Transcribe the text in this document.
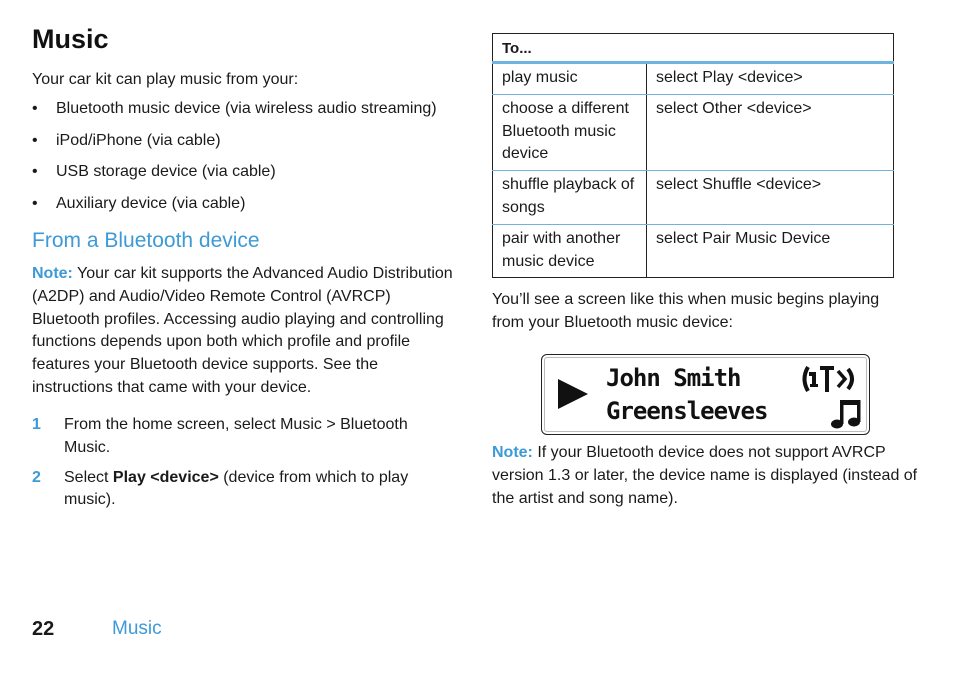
Music
Your car kit can play music from your:
• Bluetooth music device (via wireless audio streaming)
• iPod/iPhone (via cable)
• USB storage device (via cable)
• Auxiliary device (via cable)
From a Bluetooth device
Note: Your car kit supports the Advanced Audio Distribution (A2DP) and Audio/Video Remote Control (AVRCP) Bluetooth profiles. Accessing audio playing and controlling functions depends upon both which profile and profile features your Bluetooth device supports. See the instructions that came with your device.
1	From the home screen, select Music > Bluetooth Music.
2	Select Play <device> (device from which to play music).
To...	
play music	select Play <device>
choose a different Bluetooth music device	select Other <device>
shuffle playback of songs	select Shuffle <device>
pair with another music device	select Pair Music Device
You’ll see a screen like this when music begins playing from your Bluetooth music device:
John Smith
Greensleeves
Note: If your Bluetooth device does not support AVRCP version 1.3 or later, the device name is displayed (instead of the artist and song name).
22	Music
